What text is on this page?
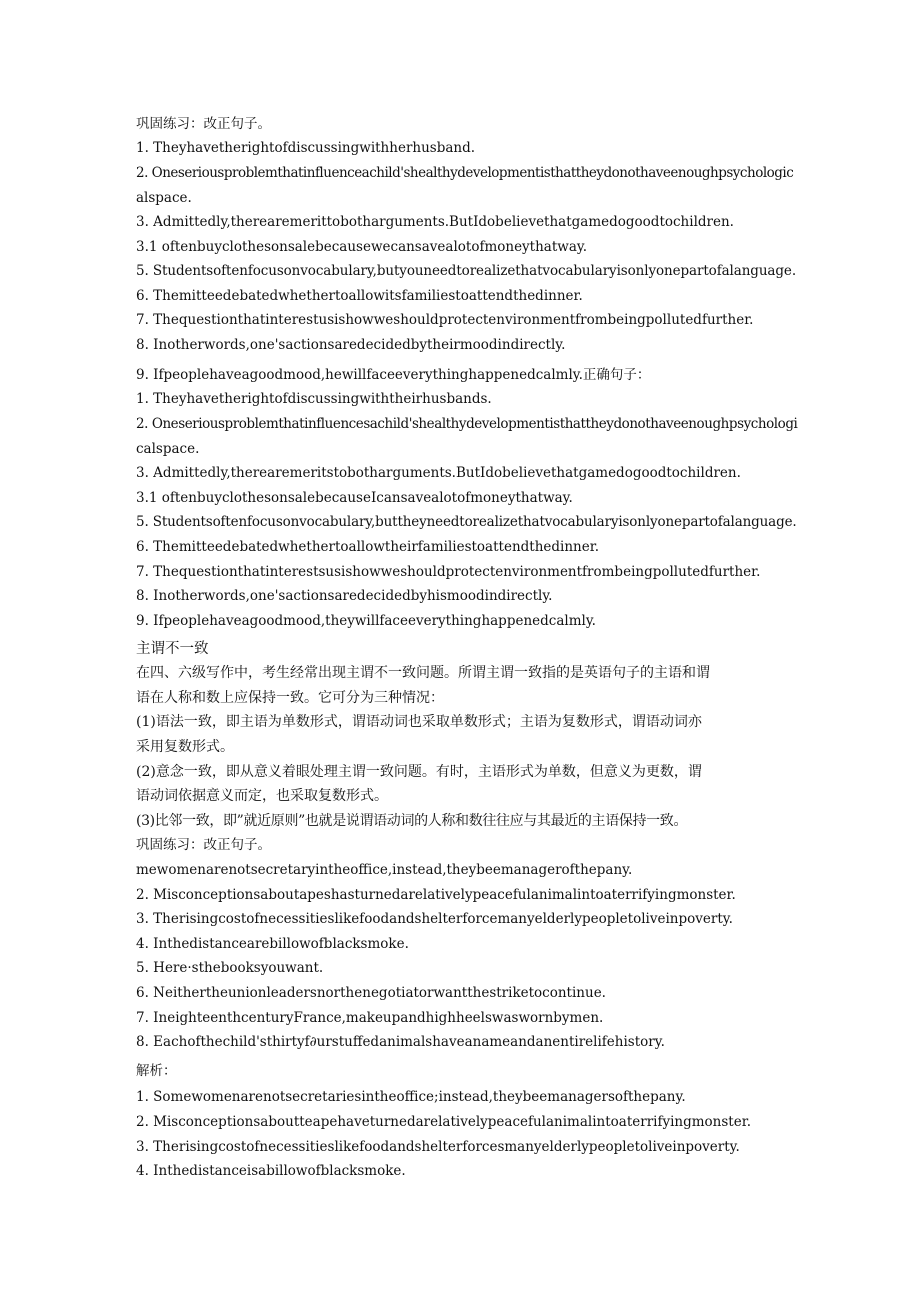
巩固练习：改正句子。
1. Theyhavetherightofdiscussingwithherhusband.
2. Oneseriousproblemthatinfluenceachild'shealthydevelopmentisthattheydonothaveenoughpsychologic
alspace.
3. Admittedly,therearemerittobotharguments.ButIdobelievethatgamedogoodtochildren.
3.1 oftenbuyclothesonsalebecausewecansavealotofmoneythatway.
5. Studentsoftenfocusonvocabulary,butyouneedtorealizethatvocabularyisonlyonepartofalanguage.
6. Themitteedebatedwhethertoallowitsfamiliestoattendthedinner.
7. Thequestionthatinterestusishowweshouldprotectenvironmentfrombeingpollutedfurther.
8. Inotherwords,one'sactionsaredecidedbytheirmoodindirectly.
9. Ifpeoplehaveagoodmood,hewillfaceeverythinghappenedcalmly.正确句子：
1. Theyhavetherightofdiscussingwiththeirhusbands.
2. Oneseriousproblemthatinfluencesachild'shealthydevelopmentisthattheydonothaveenoughpsychologi
calspace.
3. Admittedly,therearemeritstobotharguments.ButIdobelievethatgamedogoodtochildren.
3.1 oftenbuyclothesonsalebecauseIcansavealotofmoneythatway.
5. Studentsoftenfocusonvocabulary,buttheyneedtorealizethatvocabularyisonlyonepartofalanguage.
6. Themitteedebatedwhethertoallowtheirfamiliestoattendthedinner.
7. Thequestionthatinterestsusishowweshouldprotectenvironmentfrombeingpollutedfurther.
8. Inotherwords,one'sactionsaredecidedbyhismoodindirectly.
9. Ifpeoplehaveagoodmood,theywillfaceeverythinghappenedcalmly.
主谓不一致
在四、六级写作中，考生经常出现主谓不一致问题。所谓主谓一致指的是英语句子的主语和谓
语在人称和数上应保持一致。它可分为三种情况：
(1)语法一致，即主语为单数形式，谓语动词也采取单数形式；主语为复数形式，谓语动词亦
采用复数形式。
(2)意念一致，即从意义着眼处理主谓一致问题。有时，主语形式为单数，但意义为更数，谓
语动词依据意义而定，也采取复数形式。
(3)比邻一致，即”就近原则”也就是说谓语动词的人称和数往往应与其最近的主语保持一致。
巩固练习：改正句子。
mewomenarenotsecretaryintheoffice,instead,theybeemanagerofthepany.
2. Misconceptionsaboutapeshasturnedarelativelypeacefulanimalintoaterrifyingmonster.
3. Therisingcostofnecessitieslikefoodandshelterforcemanyelderlypeopletoliveinpoverty.
4. Inthedistancearebillowofblacksmoke.
5. Here·sthebooksyouwant.
6. Neithertheunionleadersnorthenegotiatorwantthestriketocontinue.
7. IneighteenthcenturyFrance,makeupandhighheelswaswornbymen.
8. Eachofthechild'sthirtyf∂urstuffedanimalshaveanameandanentirelifehistory.
解析：
1. Somewomenarenotsecretariesintheoffice;instead,theybeemanagersofthepany.
2. Misconceptionsaboutteapehaveturnedarelativelypeacefulanimalintoaterrifyingmonster.
3. Therisingcostofnecessitieslikefoodandshelterforcesmanyelderlypeopletoliveinpoverty.
4. Inthedistanceisabillowofblacksmoke.
